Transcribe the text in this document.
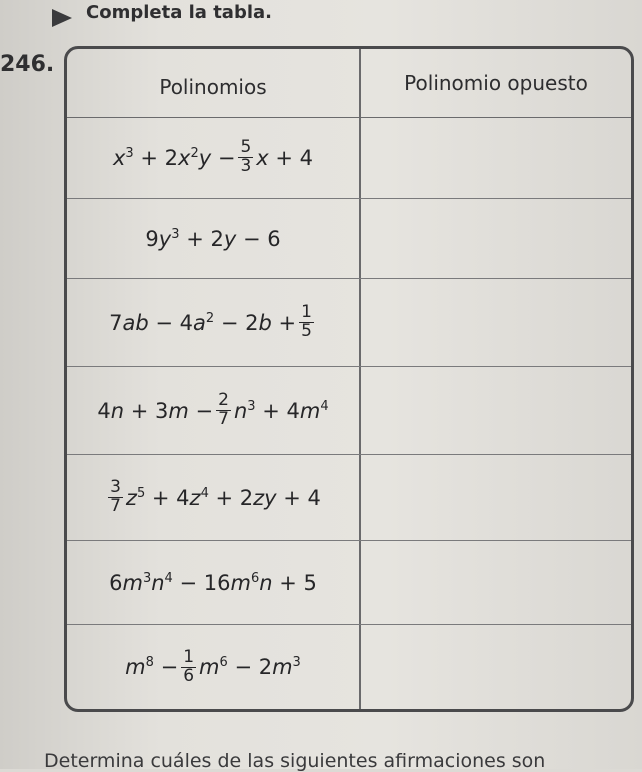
Completa la tabla.
246.
Polinomios	Polinomio opuesto
$x^3 + 2x^2y - \frac{5}{3}$ x + 4
$9y^3 + 2y - 6$
$7ab - 4a^2 - 2b + \frac{1}{5}$
$4n + 3m - \frac{2}{7} n^3 + 4m^4$
$\frac{3}{7} z^5 + 4z^4 + 2zy + 4$
$6m^3n^4 - 16m^6n + 5$
$m^8 - \frac{1}{6} m^6 - 2m^3$
Determina cuáles de las siguientes afirmaciones son
